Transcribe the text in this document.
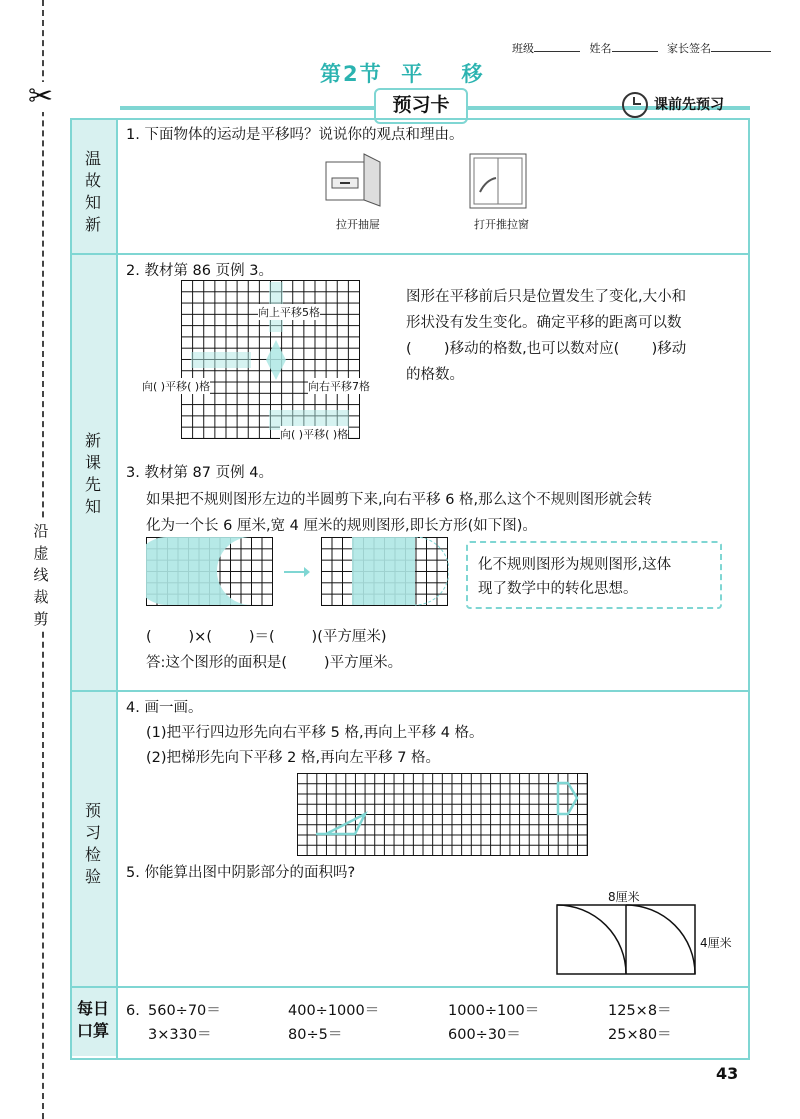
✂
沿
虚
线
裁
剪
班级	姓名	家长签名
第2节  平    移
预习卡	课前先预习
温
故
知
新
新
课
先
知
预
习
检
验
每日
口算
1. 下面物体的运动是平移吗？说说你的观点和理由。
拉开抽屉	打开推拉窗
2. 教材第 86 页例 3。
向上平移5格
向( )平移( )格	向右平移7格
向( )平移( )格
图形在平移前后只是位置发生了变化,大小和
形状没有发生变化。确定平移的距离可以数
(       )移动的格数,也可以数对应(       )移动
的格数。
3. 教材第 87 页例 4。
如果把不规则图形左边的半圆剪下来,向右平移 6 格,那么这个不规则图形就会转
化为一个长 6 厘米,宽 4 厘米的规则图形,即长方形(如下图)。
化不规则图形为规则图形,这体
现了数学中的转化思想。
(        )×(        )＝(        )(平方厘米)
答:这个图形的面积是(        )平方厘米。
4. 画一画。
(1)把平行四边形先向右平移 5 格,再向上平移 4 格。
(2)把梯形先向下平移 2 格,再向左平移 7 格。
5. 你能算出图中阴影部分的面积吗?
8厘米
4厘米
6. 560÷70＝	400÷1000＝	1000÷100＝	125×8＝
3×330＝	80÷5＝	600÷30＝	25×80＝
43
